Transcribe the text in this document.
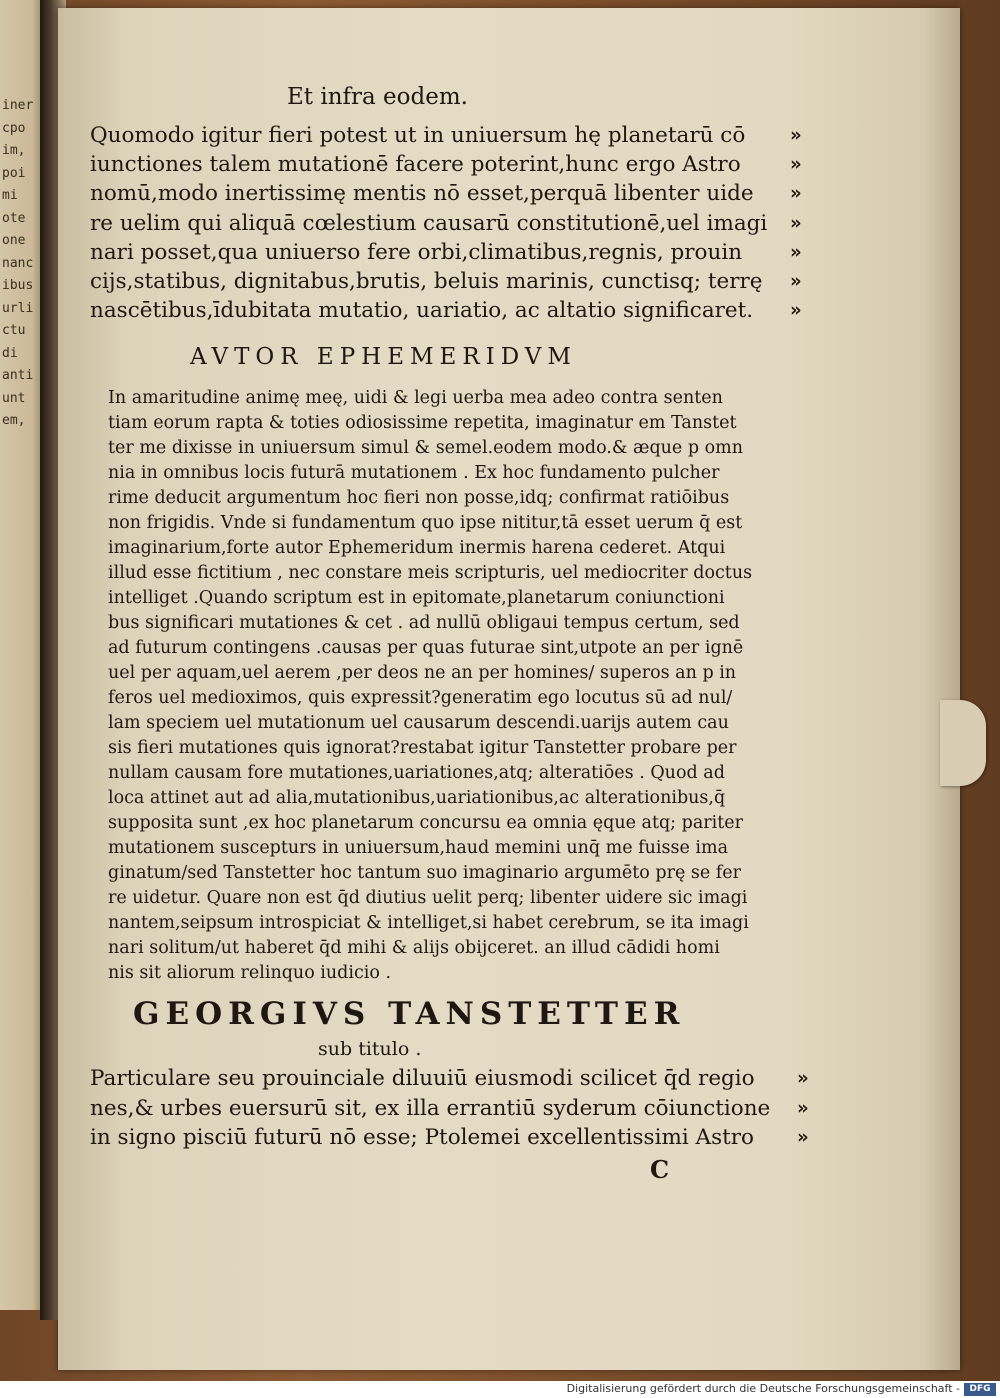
iner
cpo
im,
poi
mi
ote
one
nanc
ibus
urli
ctu
di
anti
unt
em,
Et infra eodem.
Quomodo igitur fieri potest ut in uniuersum hę planetarū cō
iunctiones talem mutationē facere poterint,hunc ergo Astro
nomū,modo inertissimę mentis nō esset,perquā libenter uide
re uelim qui aliquā cœlestium causarū constitutionē,uel imagi
nari posset,qua uniuerso fere orbi,climatibus,regnis, prouin
cijs,statibus, dignitabus,brutis, beluis marinis, cunctisq; terrę
nascētibus,īdubitata mutatio, uariatio, ac altatio significaret.
»
»
»
»
»
»
»
AVTOR EPHEMERIDVM
In amaritudine animę meę, uidi & legi uerba mea adeo contra senten
tiam eorum rapta & toties odiosissime repetita, imaginatur em Tanstet
ter me dixisse in uniuersum simul & semel.eodem modo.& æque p omn
nia in omnibus locis futurā mutationem . Ex hoc fundamento pulcher
rime deducit argumentum hoc fieri non posse,idq; confirmat ratiōibus
non frigidis. Vnde si fundamentum quo ipse nititur,tā esset uerum q̄ est
imaginarium,forte autor Ephemeridum inermis harena cederet. Atqui
illud esse fictitium , nec constare meis scripturis, uel mediocriter doctus
intelliget .Quando scriptum est in epitomate,planetarum coniunctioni
bus significari mutationes & cet . ad nullū obligaui tempus certum, sed
ad futurum contingens .causas per quas futurae sint,utpote an per ignē
uel per aquam,uel aerem ,per deos ne an per homines/ superos an p in
feros uel medioximos, quis expressit?generatim ego locutus sū ad nul/
lam speciem uel mutationum uel causarum descendi.uarijs autem cau
sis fieri mutationes quis ignorat?restabat igitur Tanstetter probare per
nullam causam fore mutationes,uariationes,atq; alteratiōes . Quod ad
loca attinet aut ad alia,mutationibus,uariationibus,ac alterationibus,q̄
supposita sunt ,ex hoc planetarum concursu ea omnia ęque atq; pariter
mutationem suscepturs in uniuersum,haud memini unq̄ me fuisse ima
ginatum/sed Tanstetter hoc tantum suo imaginario argumēto prę se fer
re uidetur. Quare non est q̄d diutius uelit perq; libenter uidere sic imagi
nantem,seipsum introspiciat & intelliget,si habet cerebrum, se ita imagi
nari solitum/ut haberet q̄d mihi & alijs obijceret. an illud cādidi homi
nis sit aliorum relinquo iudicio .
GEORGIVS TANSTETTER
sub titulo .
Particulare seu prouinciale diluuiū eiusmodi scilicet q̄d regio
nes,& urbes euersurū sit, ex illa errantiū syderum cōiunctione
in signo pisciū futurū nō esse; Ptolemei excellentissimi Astro
»
»
»
C
Digitalisierung gefördert durch die Deutsche Forschungsgemeinschaft -	DFG
